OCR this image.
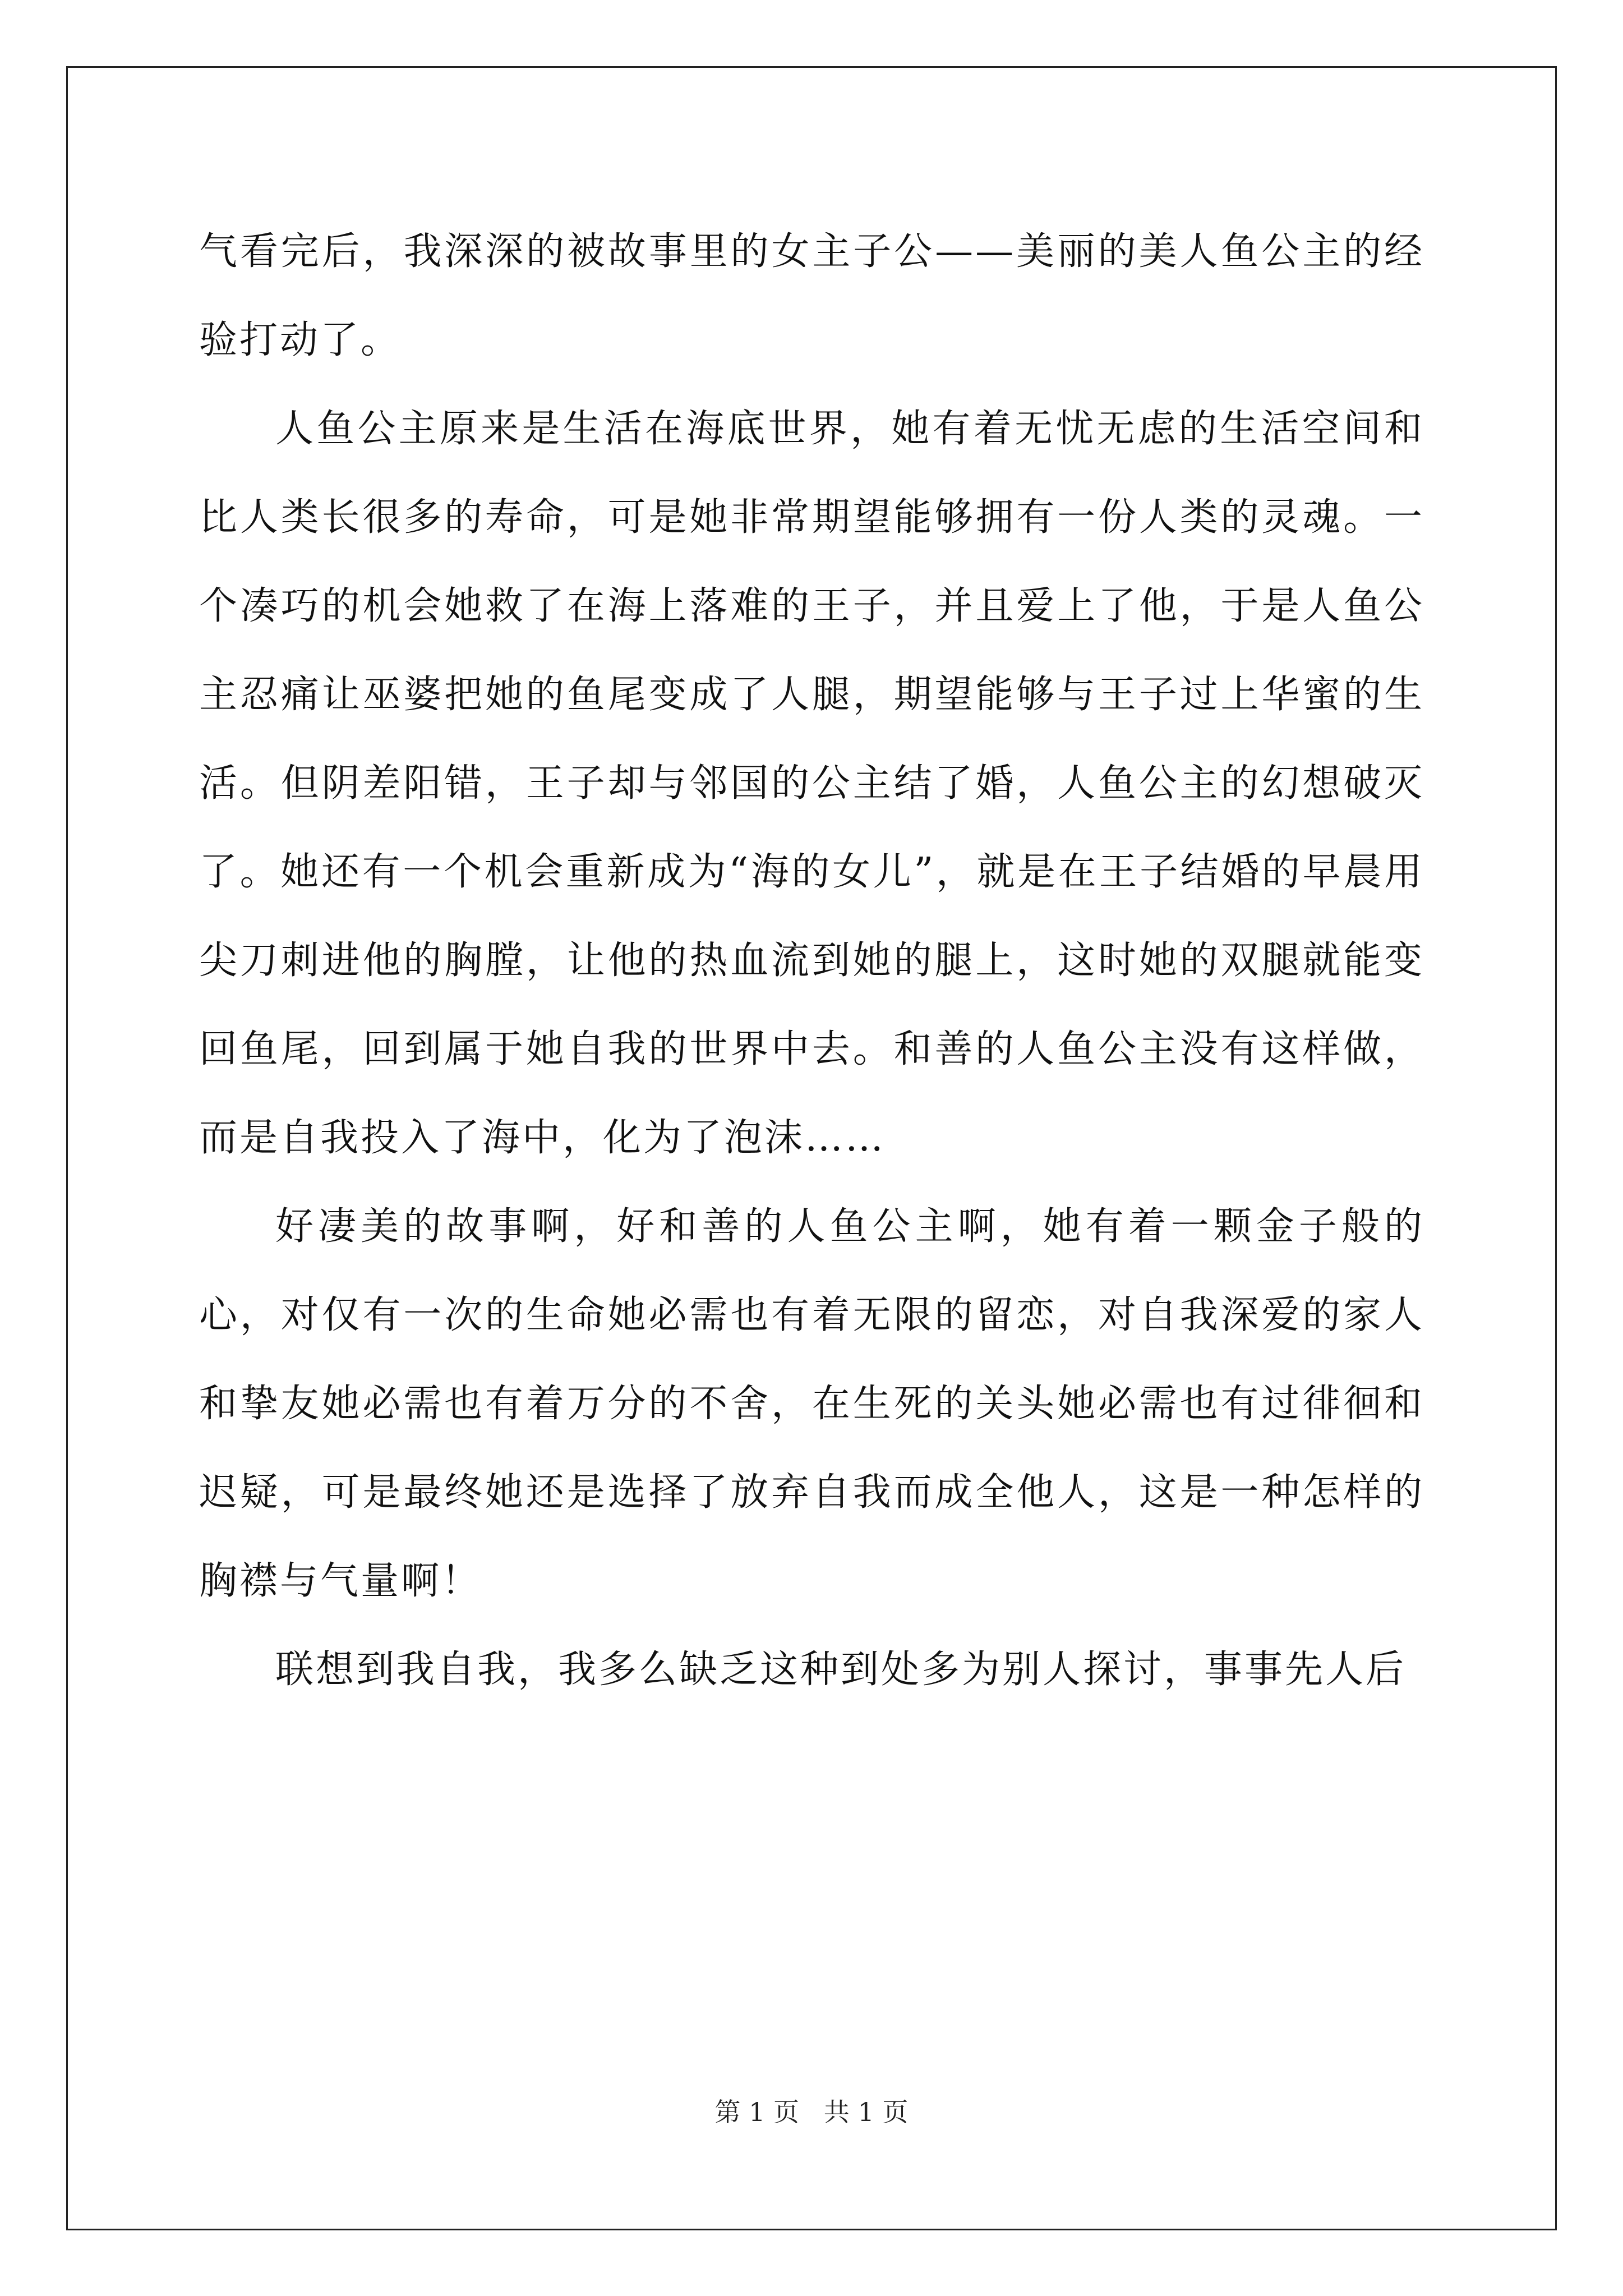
气看完后，我深深的被故事里的女主子公——美丽的美人鱼公主的经验打动了。

人鱼公主原来是生活在海底世界，她有着无忧无虑的生活空间和比人类长很多的寿命，可是她非常期望能够拥有一份人类的灵魂。一个凑巧的机会她救了在海上落难的王子，并且爱上了他，于是人鱼公主忍痛让巫婆把她的鱼尾变成了人腿，期望能够与王子过上华蜜的生活。但阴差阳错，王子却与邻国的公主结了婚，人鱼公主的幻想破灭了。她还有一个机会重新成为“海的女儿”，就是在王子结婚的早晨用尖刀刺进他的胸膛，让他的热血流到她的腿上，这时她的双腿就能变回鱼尾，回到属于她自我的世界中去。和善的人鱼公主没有这样做，而是自我投入了海中，化为了泡沫……

好凄美的故事啊，好和善的人鱼公主啊，她有着一颗金子般的心，对仅有一次的生命她必需也有着无限的留恋，对自我深爱的家人和挚友她必需也有着万分的不舍，在生死的关头她必需也有过徘徊和迟疑，可是最终她还是选择了放弃自我而成全他人，这是一种怎样的胸襟与气量啊！

联想到我自我，我多么缺乏这种到处多为别人探讨，事事先人后

第 1 页   共 1 页
